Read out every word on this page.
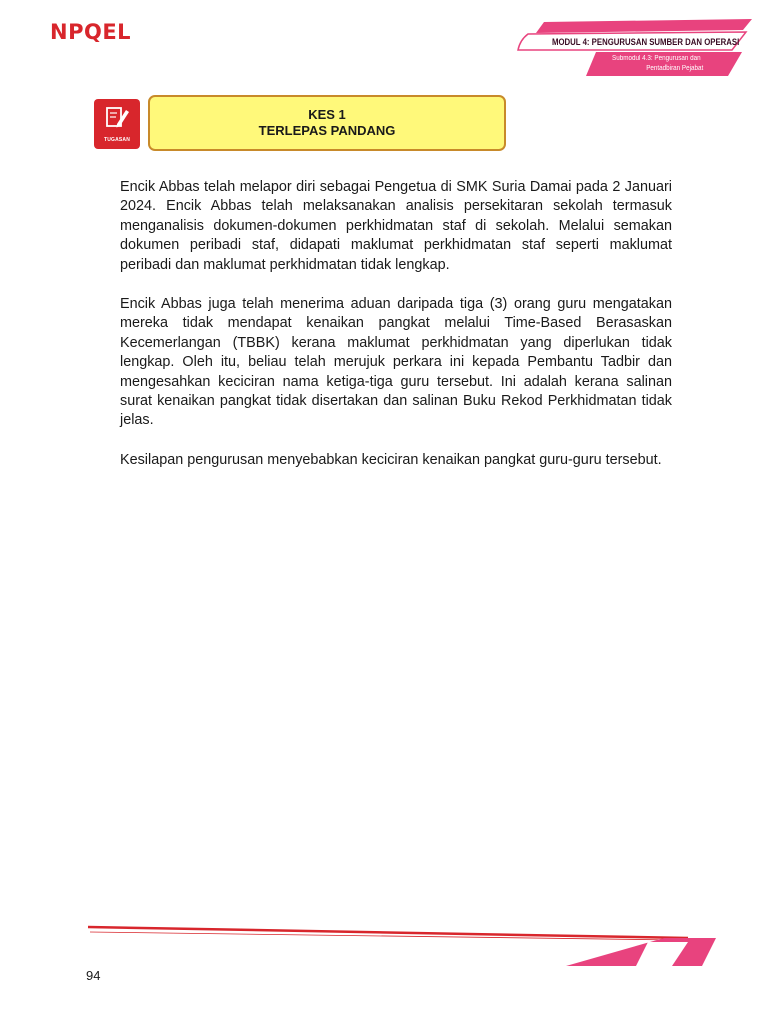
NPQEL	MODUL 4: PENGURUSAN SUMBER DAN OPERASI
Submodul 4.3: Pengurusan dan
Pentadbiran Pejabat
TUGASAN
KES 1
TERLEPAS PANDANG

Encik Abbas telah melapor diri sebagai Pengetua di SMK Suria Damai pada 2 Januari 2024. Encik Abbas telah melaksanakan analisis persekitaran sekolah termasuk menganalisis dokumen-dokumen perkhidmatan staf di sekolah. Melalui semakan dokumen peribadi staf, didapati maklumat perkhidmatan staf seperti maklumat peribadi dan maklumat perkhidmatan tidak lengkap.

Encik Abbas juga telah menerima aduan daripada tiga (3) orang guru mengatakan mereka tidak mendapat kenaikan pangkat melalui Time-Based Berasaskan Kecemerlangan (TBBK) kerana maklumat perkhidmatan yang diperlukan tidak lengkap. Oleh itu, beliau telah merujuk perkara ini kepada Pembantu Tadbir dan mengesahkan keciciran nama ketiga-tiga guru tersebut. Ini adalah kerana salinan surat kenaikan pangkat tidak disertakan dan salinan Buku Rekod Perkhidmatan tidak jelas.

Kesilapan pengurusan menyebabkan keciciran kenaikan pangkat guru-guru tersebut.

94
